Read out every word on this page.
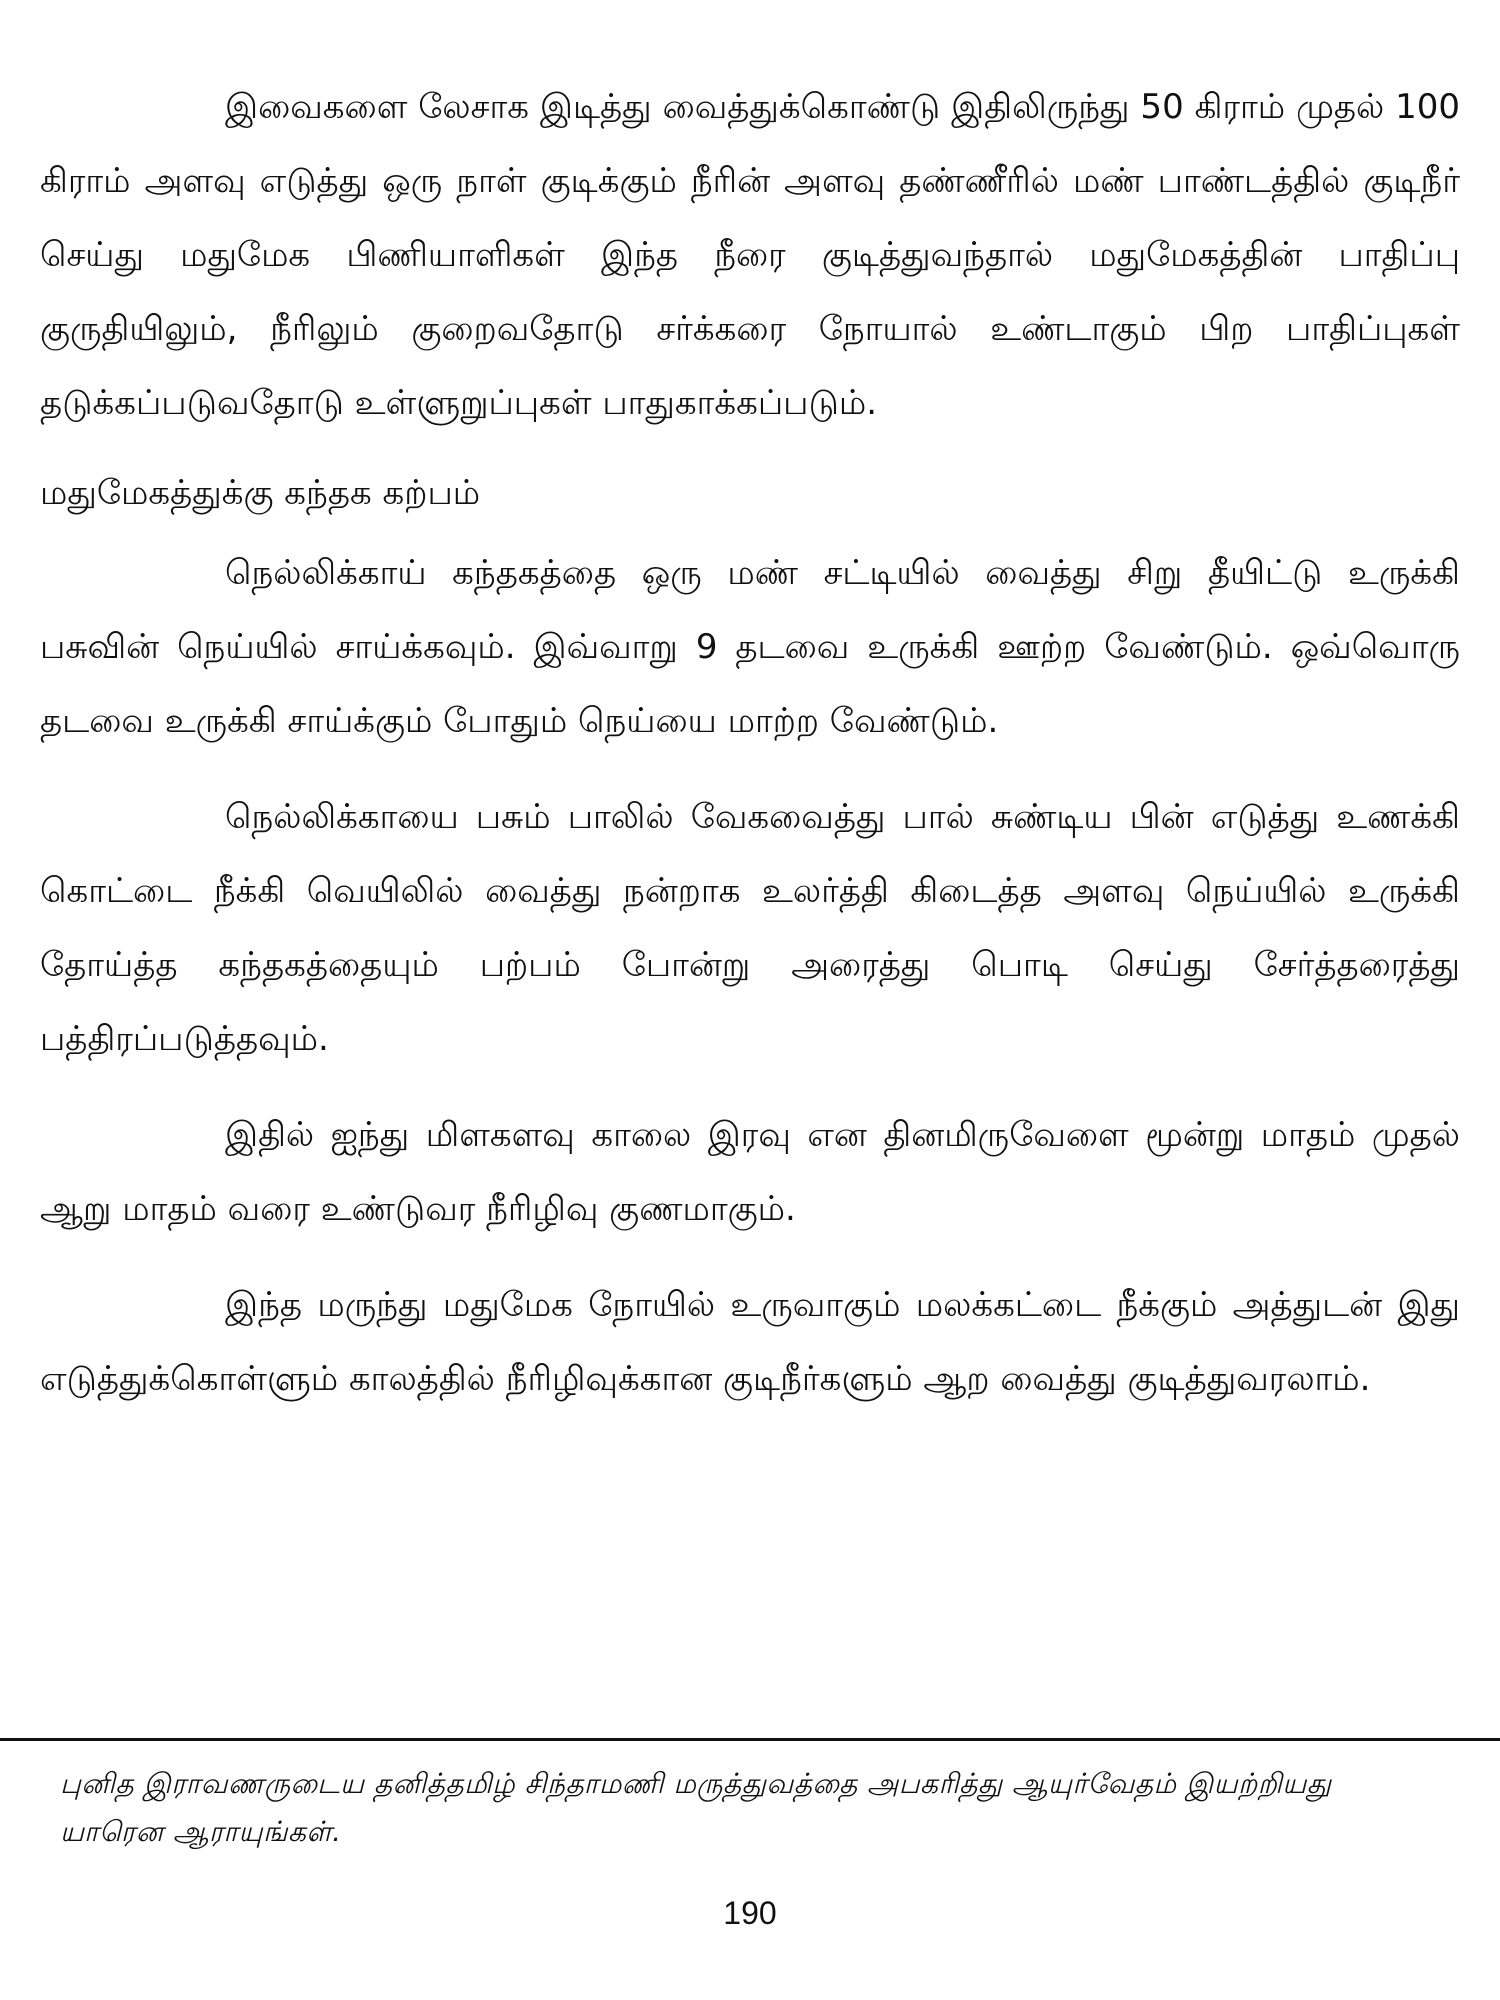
இவைகளை லேசாக இடித்து வைத்துக்கொண்டு இதிலிருந்து 50 கிராம் முதல் 100 கிராம் அளவு எடுத்து ஒரு நாள் குடிக்கும் நீரின் அளவு தண்ணீரில் மண் பாண்டத்தில் குடிநீர் செய்து மதுமேக பிணியாளிகள் இந்த நீரை குடித்துவந்தால் மதுமேகத்தின் பாதிப்பு குருதியிலும், நீரிலும் குறைவதோடு சர்க்கரை நோயால் உண்டாகும் பிற பாதிப்புகள் தடுக்கப்படுவதோடு உள்ளுறுப்புகள் பாதுகாக்கப்படும்.

மதுமேகத்துக்கு கந்தக கற்பம்

நெல்லிக்காய் கந்தகத்தை ஒரு மண் சட்டியில் வைத்து சிறு தீயிட்டு உருக்கி பசுவின் நெய்யில் சாய்க்கவும். இவ்வாறு 9 தடவை உருக்கி ஊற்ற வேண்டும். ஒவ்வொரு தடவை உருக்கி சாய்க்கும் போதும் நெய்யை மாற்ற வேண்டும்.

நெல்லிக்காயை பசும் பாலில் வேகவைத்து பால் சுண்டிய பின் எடுத்து உணக்கி கொட்டை நீக்கி வெயிலில் வைத்து நன்றாக உலர்த்தி கிடைத்த அளவு நெய்யில் உருக்கி தோய்த்த கந்தகத்தையும் பற்பம் போன்று அரைத்து பொடி செய்து சேர்த்தரைத்து பத்திரப்படுத்தவும்.

இதில் ஐந்து மிளகளவு காலை இரவு என தினமிருவேளை மூன்று மாதம் முதல் ஆறு மாதம் வரை உண்டுவர நீரிழிவு குணமாகும்.

இந்த மருந்து மதுமேக நோயில் உருவாகும் மலக்கட்டை நீக்கும் அத்துடன் இது எடுத்துக்கொள்ளும் காலத்தில் நீரிழிவுக்கான குடிநீர்களும் ஆற வைத்து குடித்துவரலாம்.

புனித இராவணருடைய தனித்தமிழ் சிந்தாமணி மருத்துவத்தை அபகரித்து ஆயுர்வேதம் இயற்றியது யாரென ஆராயுங்கள்.
190
